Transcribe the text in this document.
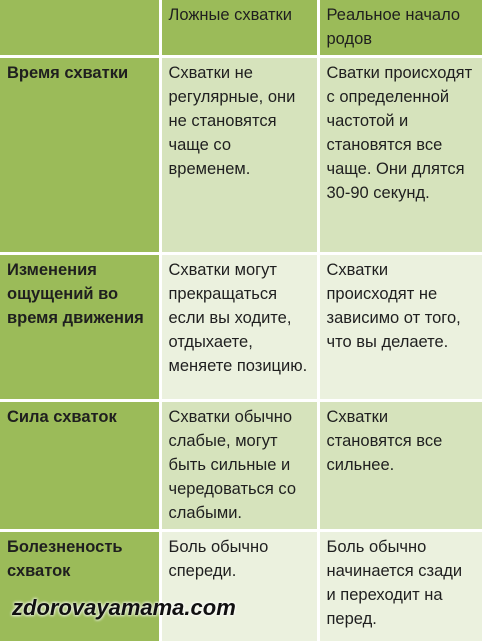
	Ложные схватки	Реальное начало родов
Время схватки	Схватки не регулярные, они не становятся чаще со временем.	Сватки происходят с определенной частотой и становятся все чаще. Они длятся 30-90 секунд.
Изменения ощущений во время движения	Схватки могут прекращаться если вы ходите, отдыхаете, меняете позицию.	Схватки происходят не зависимо от того, что вы делаете.
Сила схваток	Схватки обычно слабые, могут быть сильные и чередоваться со слабыми.	Схватки становятся все сильнее.
Болезненость схваток	Боль обычно спереди.	Боль обычно начинается сзади и переходит на перед.
zdorovayamama.com
